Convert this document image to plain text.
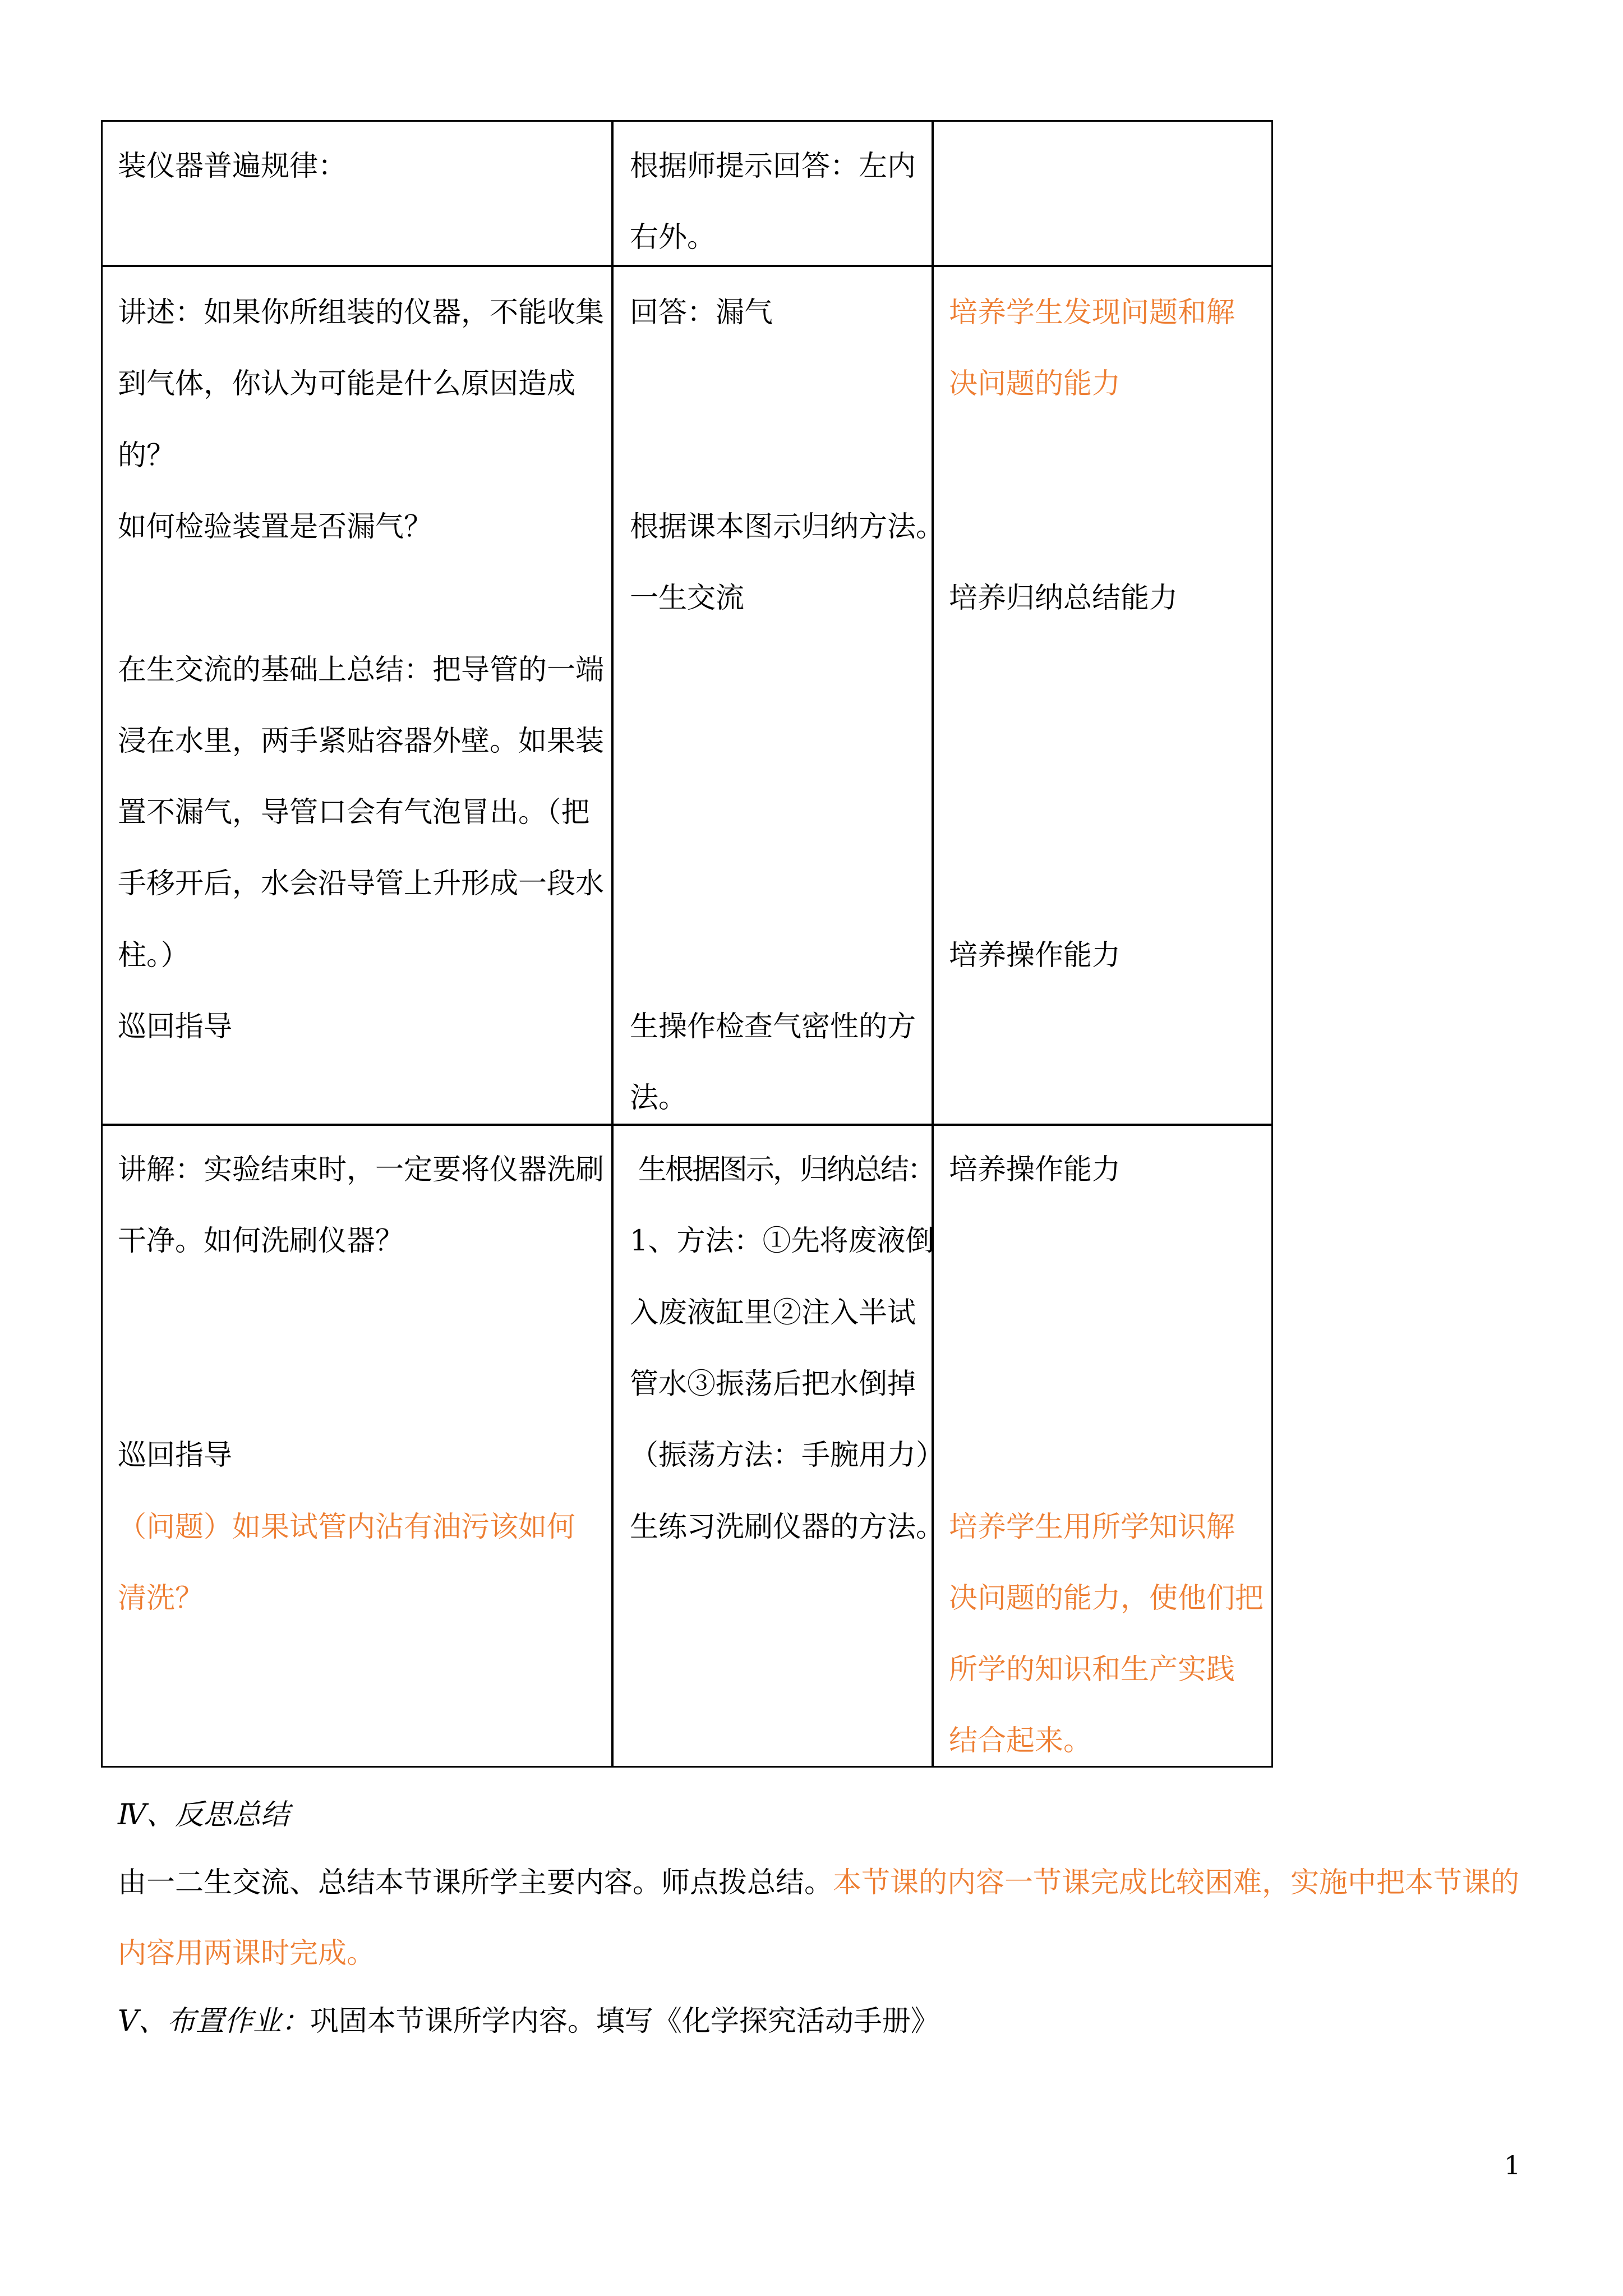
装仪器普遍规律：	根据师提示回答：左内
右外。
讲述：如果你所组装的仪器，不能收集
到气体，你认为可能是什么原因造成
的？
如何检验装置是否漏气？
在生交流的基础上总结：把导管的一端
浸在水里，两手紧贴容器外壁。如果装
置不漏气，导管口会有气泡冒出。（把
手移开后，水会沿导管上升形成一段水
柱。）
巡回指导
回答：漏气
根据课本图示归纳方法。
一生交流
生操作检查气密性的方
法。
培养学生发现问题和解
决问题的能力
培养归纳总结能力
培养操作能力
讲解：实验结束时，一定要将仪器洗刷
干净。如何洗刷仪器？
巡回指导
（问题）如果试管内沾有油污该如何
清洗？
生根据图示，归纳总结：
1、方法：①先将废液倒
入废液缸里②注入半试
管水③振荡后把水倒掉
（振荡方法：手腕用力）
生练习洗刷仪器的方法。
培养操作能力
培养学生用所学知识解
决问题的能力，使他们把
所学的知识和生产实践
结合起来。
Ⅳ、反思总结
由一二生交流、总结本节课所学主要内容。师点拨总结。本节课的内容一节课完成比较困难，实施中把本节课的
内容用两课时完成。
Ⅴ、布置作业：巩固本节课所学内容。填写《化学探究活动手册》
1
